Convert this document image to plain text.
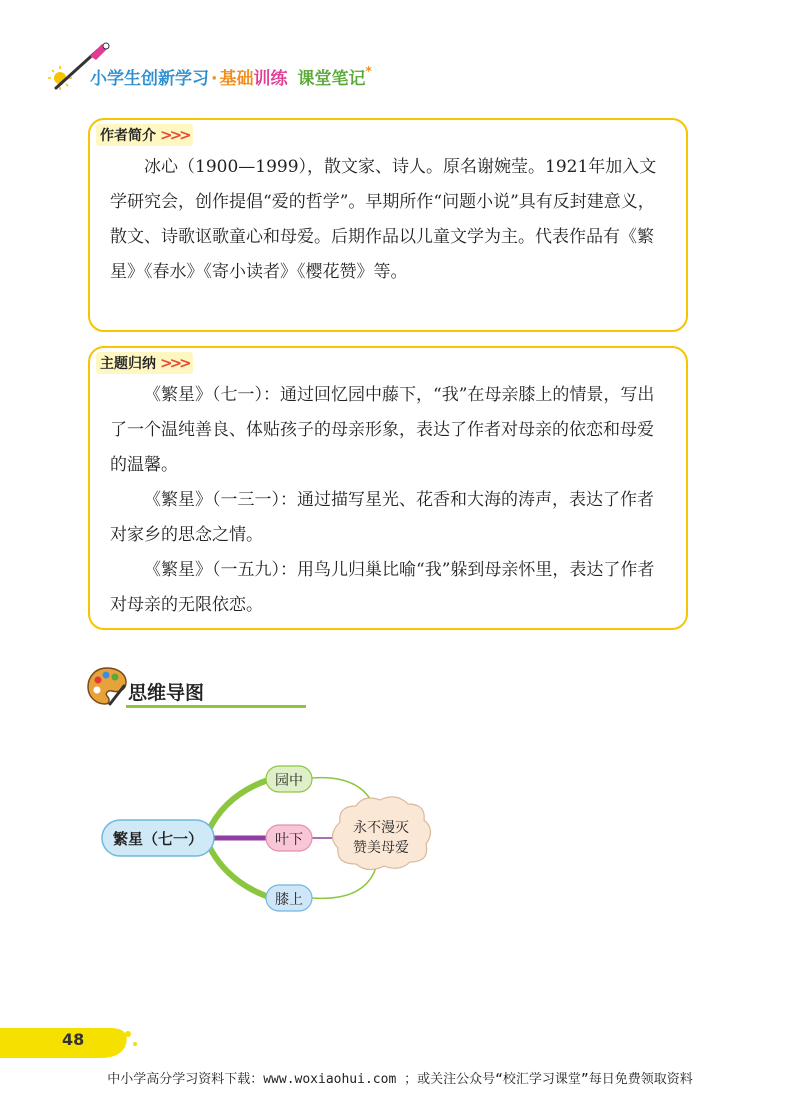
小学生创新学习 · 基础训练 课堂笔记*
作者简介 >>>
冰心（1900—1999），散文家、诗人。原名谢婉莹。1921年加入文学研究会，创作提倡“爱的哲学”。早期所作“问题小说”具有反封建意义，散文、诗歌讴歌童心和母爱。后期作品以儿童文学为主。代表作品有《繁星》《春水》《寄小读者》《樱花赞》等。
主题归纳 >>>

《繁星》（七一）：通过回忆园中藤下，“我”在母亲膝上的情景，写出了一个温纯善良、体贴孩子的母亲形象，表达了作者对母亲的依恋和母爱的温馨。

《繁星》（一三一）：通过描写星光、花香和大海的涛声，表达了作者对家乡的思念之情。

《繁星》（一五九）：用鸟儿归巢比喻“我”躲到母亲怀里，表达了作者对母亲的无限依恋。

思维导图
繁星（七一）
园中
叶下
膝上
永不漫灭
赞美母爱
48
中小学高分学习资料下载：www.woxiaohui.com ；或关注公众号“校汇学习课堂”每日免费领取资料
